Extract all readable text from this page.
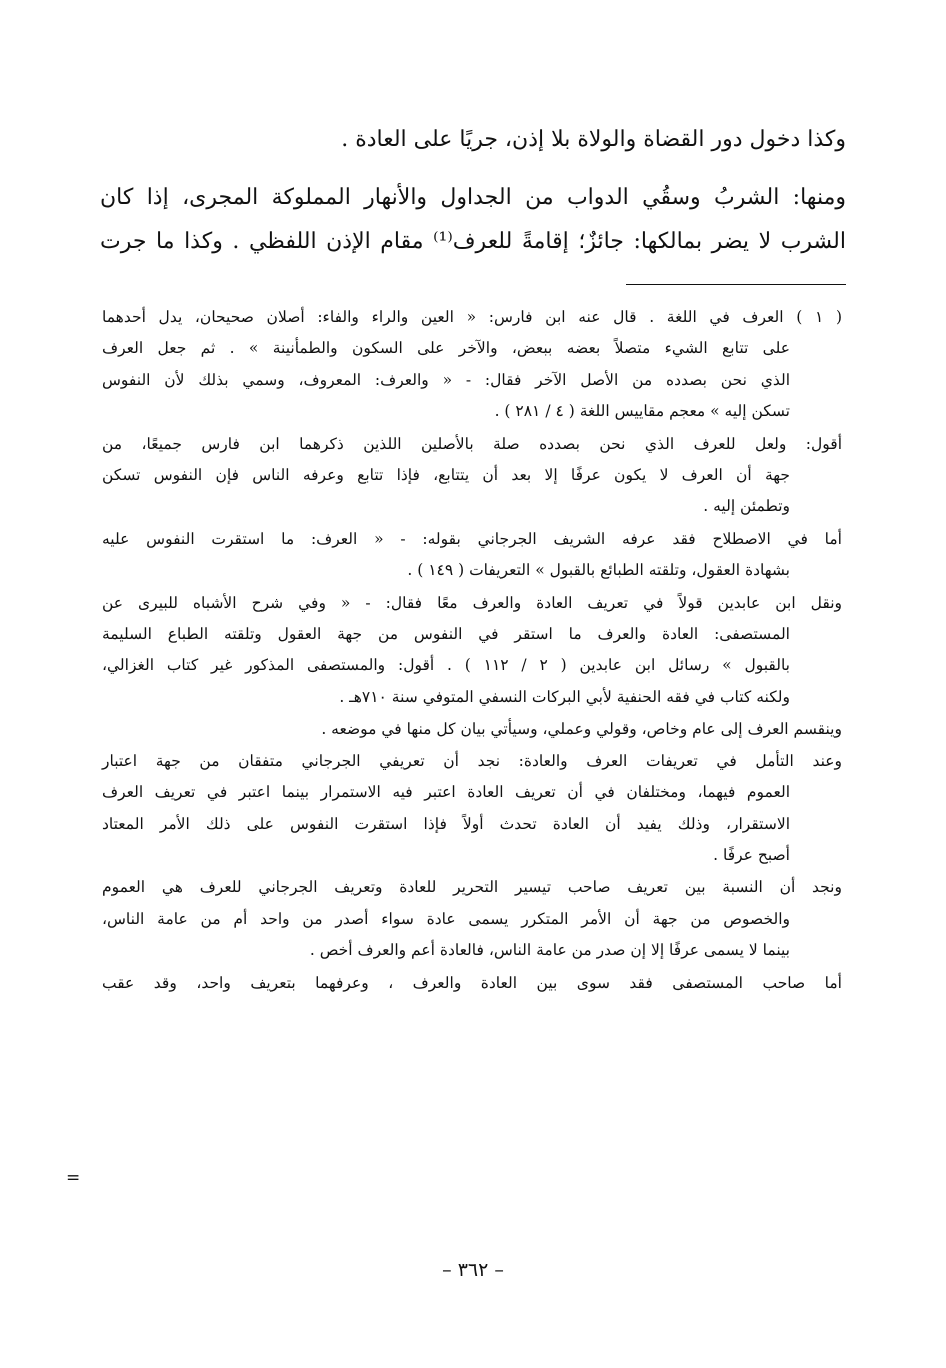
وكذا دخول دور القضاة والولاة بلا إذن، جريًا على العادة .
ومنها: الشربُ وسقُي الدواب من الجداول والأنهار المملوكة المجرى، إذا كان
الشرب لا يضر بمالكها: جائزٌ؛ إقامةً للعرف⁽¹⁾ مقام الإذن اللفظي . وكذا ما جرت
( ١ ) العرف في اللغة . قال عنه ابن فارس: « العين والراء والفاء: أصلان صحيحان، يدل أحدهما
على تتابع الشيء متصلاً بعضه ببعض، والآخر على السكون والطمأنينة » . ثم جعل العرف
الذي نحن بصدده من الأصل الآخر فقال: - « والعرف: المعروف، وسمي بذلك لأن النفوس
تسكن إليه » معجم مقاييس اللغة ( ٤ / ٢٨١ ) .
أقول: ولعل للعرف الذي نحن بصدده صلة بالأصلين اللذين ذكرهما ابن فارس جميعًا، من
جهة أن العرف لا يكون عرفًا إلا بعد أن يتتابع، فإذا تتابع وعرفه الناس فإن النفوس تسكن
وتطمئن إليه .
أما في الاصطلاح فقد عرفه الشريف الجرجاني بقوله: - « العرف: ما استقرت النفوس عليه
بشهادة العقول، وتلقته الطبائع بالقبول » التعريفات ( ١٤٩ ) .
ونقل ابن عابدين قولاً في تعريف العادة والعرف معًا فقال: - « وفي شرح الأشباه للبيرى عن
المستصفى: العادة والعرف ما استقر في النفوس من جهة العقول وتلقته الطباع السليمة
بالقبول » رسائل ابن عابدين ( ٢ / ١١٢ ) . أقول: والمستصفى المذكور غير كتاب الغزالي،
ولكنه كتاب في فقه الحنفية لأبي البركات النسفي المتوفي سنة ٧١٠هـ .
وينقسم العرف إلى عام وخاص، وقولي وعملي، وسيأتي بيان كل منها في موضعه .
وعند التأمل في تعريفات العرف والعادة: نجد أن تعريفي الجرجاني متفقان من جهة اعتبار
العموم فيهما، ومختلفان في أن تعريف العادة اعتبر فيه الاستمرار بينما اعتبر في تعريف العرف
الاستقرار، وذلك يفيد أن العادة تحدث أولاً فإذا استقرت النفوس على ذلك الأمر المعتاد
أصبح عرفًا .
ونجد أن النسبة بين تعريف صاحب تيسير التحرير للعادة وتعريف الجرجاني للعرف هي العموم
والخصوص من جهة أن الأمر المتكرر يسمى عادة سواء أصدر من واحد أم من عامة الناس،
بينما لا يسمى عرفًا إلا إن صدر من عامة الناس، فالعادة أعم والعرف أخص .
أما صاحب المستصفى فقد سوى بين العادة والعرف ، وعرفهما بتعريف واحد، وقد عقب
=
– ٣٦٢ –
